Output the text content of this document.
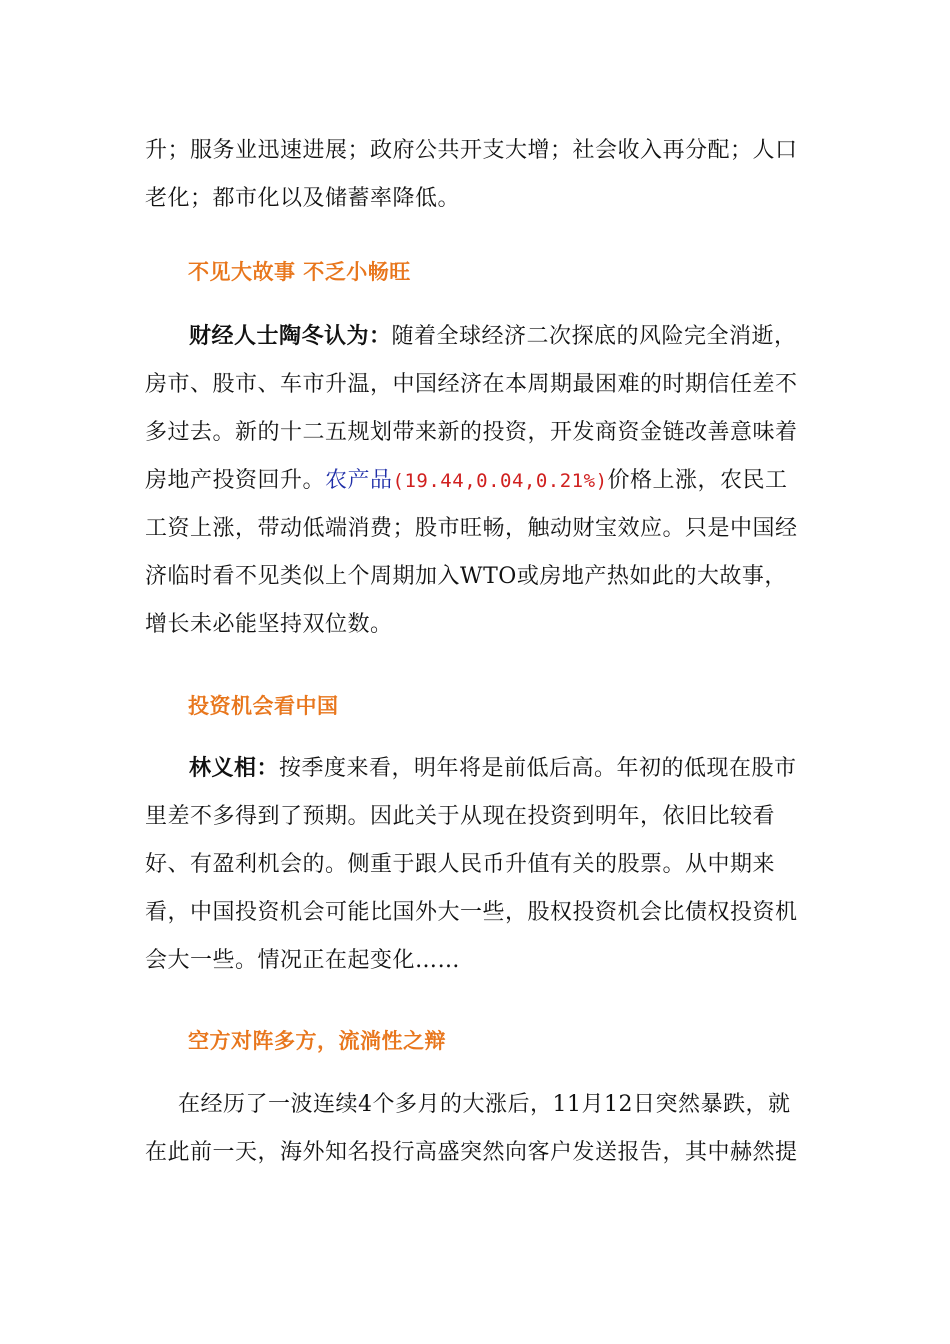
升；服务业迅速进展；政府公共开支大增；社会收入再分配；人口老化；都市化以及储蓄率降低。

不见大故事 不乏小畅旺

财经人士陶冬认为：随着全球经济二次探底的风险完全消逝，房市、股市、车市升温，中国经济在本周期最困难的时期信任差不多过去。新的十二五规划带来新的投资，开发商资金链改善意味着房地产投资回升。农产品(19.44,0.04,0.21%)价格上涨，农民工工资上涨，带动低端消费；股市旺畅，触动财宝效应。只是中国经济临时看不见类似上个周期加入WTO或房地产热如此的大故事，增长未必能坚持双位数。

投资机会看中国

林义相：按季度来看，明年将是前低后高。年初的低现在股市里差不多得到了预期。因此关于从现在投资到明年，依旧比较看好、有盈利机会的。侧重于跟人民币升值有关的股票。从中期来看，中国投资机会可能比国外大一些，股权投资机会比债权投资机会大一些。情况正在起变化……

空方对阵多方，流淌性之辩

在经历了一波连续4个多月的大涨后，11月12日突然暴跌，就在此前一天，海外知名投行高盛突然向客户发送报告，其中赫然提
